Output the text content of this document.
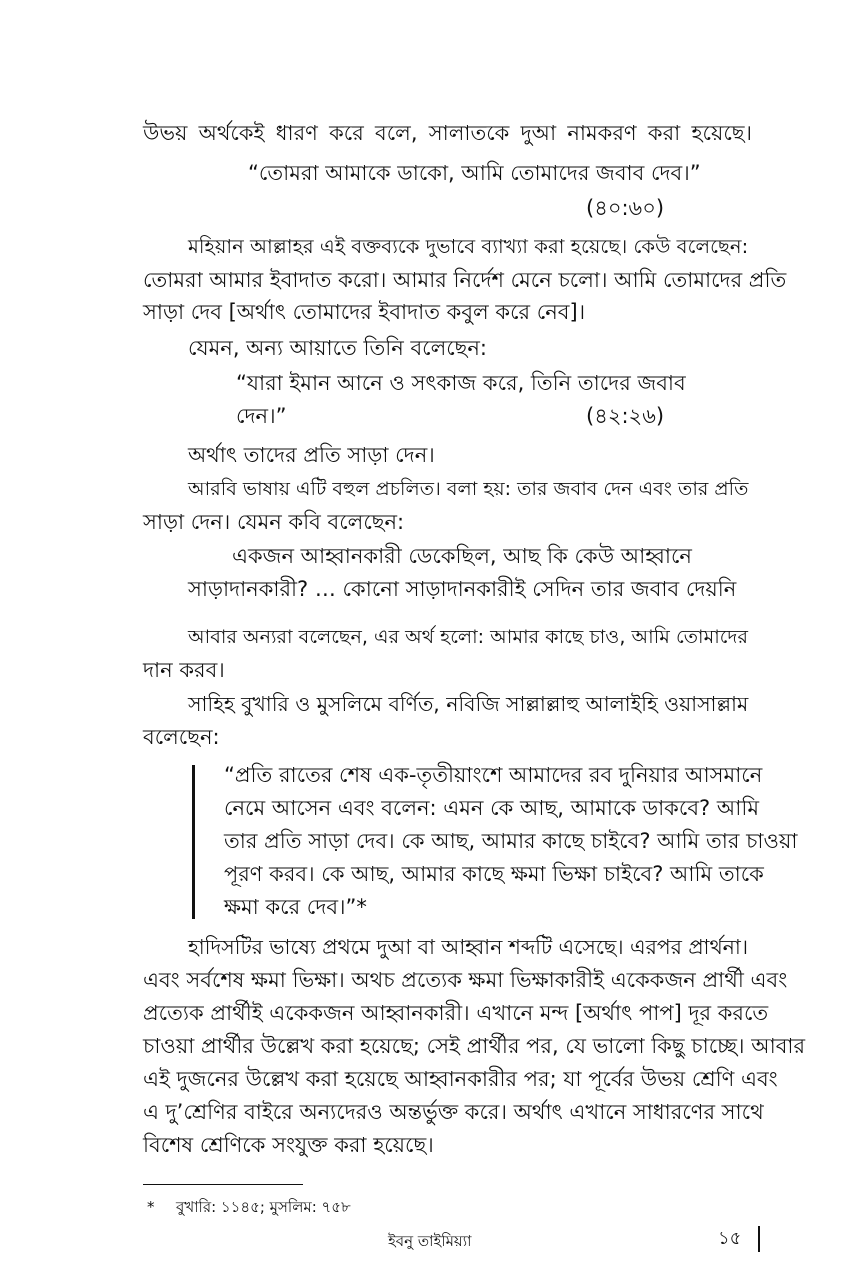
উভয় অর্থকেই ধারণ করে বলে, সালাতকে দুআ নামকরণ করা হয়েছে।
“তোমরা আমাকে ডাকো, আমি তোমাদের জবাব দেব।”
(৪০:৬০)
মহিয়ান আল্লাহর এই বক্তব্যকে দুভাবে ব্যাখ্যা করা হয়েছে। কেউ বলেছেন:
তোমরা আমার ইবাদাত করো। আমার নির্দেশ মেনে চলো। আমি তোমাদের প্রতি
সাড়া দেব [অর্থাৎ তোমাদের ইবাদাত কবুল করে নেব]।
যেমন, অন্য আয়াতে তিনি বলেছেন:
“যারা ইমান আনে ও সৎকাজ করে, তিনি তাদের জবাব
দেন।”	(৪২:২৬)
অর্থাৎ তাদের প্রতি সাড়া দেন।
আরবি ভাষায় এটি বহুল প্রচলিত। বলা হয়: তার জবাব দেন এবং তার প্রতি
সাড়া দেন। যেমন কবি বলেছেন:
একজন আহ্বানকারী ডেকেছিল, আছ কি কেউ আহ্বানে
সাড়াদানকারী? … কোনো সাড়াদানকারীই সেদিন তার জবাব দেয়নি
আবার অন্যরা বলেছেন, এর অর্থ হলো: আমার কাছে চাও, আমি তোমাদের
দান করব।
সাহিহ বুখারি ও মুসলিমে বর্ণিত, নবিজি সাল্লাল্লাহু আলাইহি ওয়াসাল্লাম
বলেছেন:
“প্রতি রাতের শেষ এক-তৃতীয়াংশে আমাদের রব দুনিয়ার আসমানে
নেমে আসেন এবং বলেন: এমন কে আছ, আমাকে ডাকবে? আমি
তার প্রতি সাড়া দেব। কে আছ, আমার কাছে চাইবে? আমি তার চাওয়া
পূরণ করব। কে আছ, আমার কাছে ক্ষমা ভিক্ষা চাইবে? আমি তাকে
ক্ষমা করে দেব।”*
হাদিসটির ভাষ্যে প্রথমে দুআ বা আহ্বান শব্দটি এসেছে। এরপর প্রার্থনা।
এবং সর্বশেষ ক্ষমা ভিক্ষা। অথচ প্রত্যেক ক্ষমা ভিক্ষাকারীই একেকজন প্রার্থী এবং
প্রত্যেক প্রার্থীই একেকজন আহ্বানকারী। এখানে মন্দ [অর্থাৎ পাপ] দূর করতে
চাওয়া প্রার্থীর উল্লেখ করা হয়েছে; সেই প্রার্থীর পর, যে ভালো কিছু চাচ্ছে। আবার
এই দুজনের উল্লেখ করা হয়েছে আহ্বানকারীর পর; যা পূর্বের উভয় শ্রেণি এবং
এ দু’শ্রেণির বাইরে অন্যদেরও অন্তর্ভুক্ত করে। অর্থাৎ এখানে সাধারণের সাথে
বিশেষ শ্রেণিকে সংযুক্ত করা হয়েছে।
* বুখারি: ১১৪৫; মুসলিম: ৭৫৮
ইবনু তাইমিয়্যা	১৫
